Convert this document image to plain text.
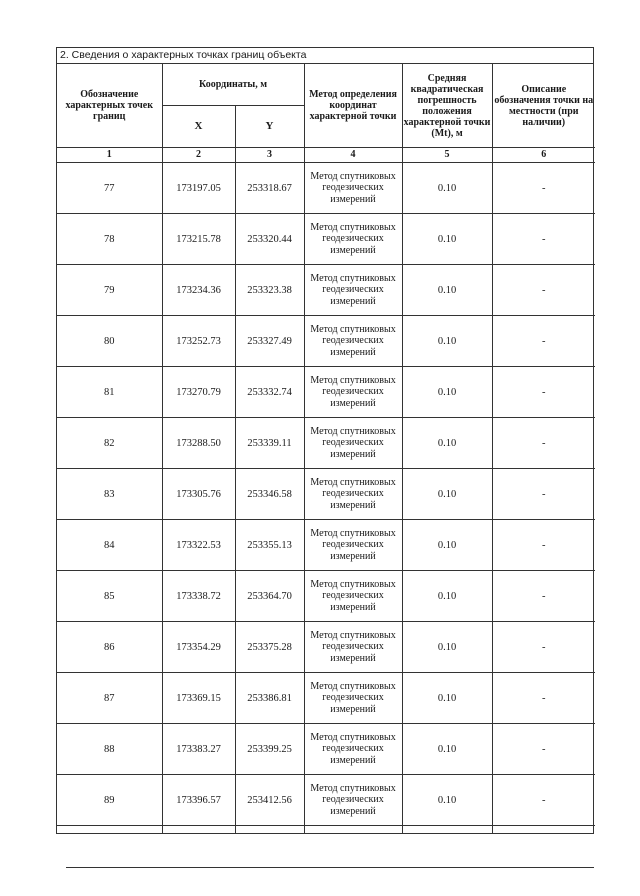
2. Сведения о характерных точках границ объекта
Обозначение характерных точек границ	Координаты, м		Метод определения координат характерной точки	Средняя квадратическая погрешность положения характерной точки (Mt), м	Описание обозначения точки на местности (при наличии)
	X	Y			
1	2	3	4	5	6
77	173197.05	253318.67	Метод спутниковых геодезических измерений	0.10	-
78	173215.78	253320.44	Метод спутниковых геодезических измерений	0.10	-
79	173234.36	253323.38	Метод спутниковых геодезических измерений	0.10	-
80	173252.73	253327.49	Метод спутниковых геодезических измерений	0.10	-
81	173270.79	253332.74	Метод спутниковых геодезических измерений	0.10	-
82	173288.50	253339.11	Метод спутниковых геодезических измерений	0.10	-
83	173305.76	253346.58	Метод спутниковых геодезических измерений	0.10	-
84	173322.53	253355.13	Метод спутниковых геодезических измерений	0.10	-
85	173338.72	253364.70	Метод спутниковых геодезических измерений	0.10	-
86	173354.29	253375.28	Метод спутниковых геодезических измерений	0.10	-
87	173369.15	253386.81	Метод спутниковых геодезических измерений	0.10	-
88	173383.27	253399.25	Метод спутниковых геодезических измерений	0.10	-
89	173396.57	253412.56	Метод спутниковых геодезических измерений	0.10	-
